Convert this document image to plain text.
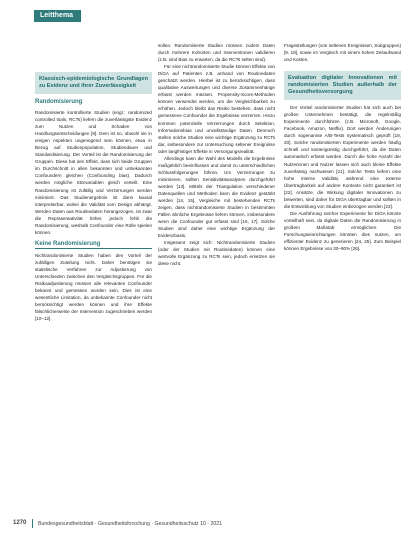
Leitthema
Klassisch-epidemiologische Grundlagen zu Evidenz und ihrer Zuverlässigkeit
Randomisierung

Randomisierte kontrollierte Studien (engl.: randomized controlled trials, RCTs) liefern die zuverlässigste Evidenz zum Nutzen und Schaden von Handlungsentscheidungen [9]. Dem ist so, obwohl sie in einigen Aspekten ungenügend sein können, etwa in Bezug auf Studienpopulation, Studiendauer und Standardisierung. Der Vorteil ist die Randomisierung der Gruppen. Diese hat den Effekt, dass sich beide Gruppen im Durchschnitt in allen bekannten und unbekannten Confoundern gleichen (Confounding bias). Dadurch werden mögliche Störvariablen gleich verteilt. Eine Randomisierung ist zufällig und Verzerrungen werden minimiert. Das Studienergebnis ist dann kausal interpretierbar, wobei die Validität vom Design abhängt. Werden Daten aus Routinedaten herangezogen, ist zwar die Repräsentativität höher, jedoch fehlt die Randomisierung, weshalb Confounder eine Rolle spielen können.

Keine Randomisierung

Nichtrandomisierte Studien haben den Vorteil der zufälligen Zuteilung nicht. Daher benötigen sie statistische Verfahren zur Adjustierung von Unterschieden zwischen den Vergleichsgruppen. Für die Risikoadjustierung müssen alle relevanten Confounder bekannt und gemessen worden sein. Dies ist eine wesentliche Limitation, da unbekannte Confounder nicht berücksichtigt werden können und ihre Effekte fälschlicherweise der Intervention zugeschrieben werden [10–12].

sollen. Randomisierte Studien müssen zudem Daten durch mehrere Kohorten und Interventionen validieren (z.B. sind Bias zu erwarten, da die RCTs selten sind).

Für eine nichtrandomisierte Studie können Effekte von DiGA auf Patienten z.B. anhand von Routinedaten geschätzt werden. Hierbei ist zu berücksichtigen, dass qualitative Auswertungen und diverse Zusammenhänge erfasst werden müssen. Propensity-Score-Methoden können verwendet werden, um die Vergleichbarkeit zu erhöhen. Jedoch bleibt das Risiko bestehen, dass nicht gemessene Confounder die Ergebnisse verzerren. Hinzu kommen potenzielle Verzerrungen durch Selektion, Informationsbias und unvollständige Daten. Dennoch stellen solche Studien eine wichtige Ergänzung zu RCTs dar, insbesondere zur Untersuchung seltener Ereignisse oder langfristiger Effekte in Versorgungsrealität.

Allerdings kann die Wahl des Modells die Ergebnisse maßgeblich beeinflussen und damit zu unterschiedlichen Schlussfolgerungen führen. Um Verzerrungen zu minimieren, sollten Sensitivitätsanalysen durchgeführt werden [13]. Mittels der Triangulation verschiedener Datenquellen und Methoden kann die Evidenz gestärkt werden [14, 15]. Vergleiche mit bestehenden RCTs zeigen, dass nichtrandomisierte Studien in bestimmten Fällen ähnliche Ergebnisse liefern können, insbesondere wenn die Confounder gut erfasst sind [16, 17]. Solche Studien sind daher eine wichtige Ergänzung der Evidenzbasis.

Insgesamt zeigt sich: Nichtrandomisierte Studien (oder der Studien mit Routinedaten) können eine wertvolle Ergänzung zu RCTs sein, jedoch ersetzen sie diese nicht.

Fragestellungen (von seltenen Ereignissen, Subgruppen) [9, 18], sowie im Vergleich mit einem hohen Zeitaufwand und Kosten.

Evaluation digitaler Innovationen mit randomisierten Studien außerhalb der Gesundheitsversorgung

Der Vorteil randomisierter Studien hat sich auch bei großen Unternehmen bestätigt, die regelmäßig Experimente durchführen (z.B. Microsoft, Google, Facebook, Amazon, Netflix). Dort werden Änderungen durch sogenannte A/B-Tests systematisch geprüft [19, 20]. Solche randomisierten Experimente werden häufig schnell und kostengünstig durchgeführt, da die Daten automatisch erfasst werden. Durch die hohe Anzahl der Nutzerinnen und Nutzer lassen sich auch kleine Effekte zuverlässig nachweisen [21]. Solche Tests liefern eine hohe interne Validität, während eine externe Übertragbarkeit auf andere Kontexte nicht garantiert ist [22]. Ansätze, die Wirkung digitaler Innovationen zu bewerten, sind daher für DiGA übertragbar und sollten in die Entwicklung von Studien einbezogen werden [23].

Die Ausführung solcher Experimente für DiGA könnte vorteilhaft sein, da digitale Daten die Randomisierung in großem Maßstab ermöglichen. Die Forschungseinrichtungen könnten dies nutzen, um effizienter Evidenz zu generieren [24, 25]. Zum Beispiel können Ergebnisse von 30–90% [26].

1270 Bundesgesundheitsblatt · Gesundheitsforschung · Gesundheitsschutz 10 · 2021
